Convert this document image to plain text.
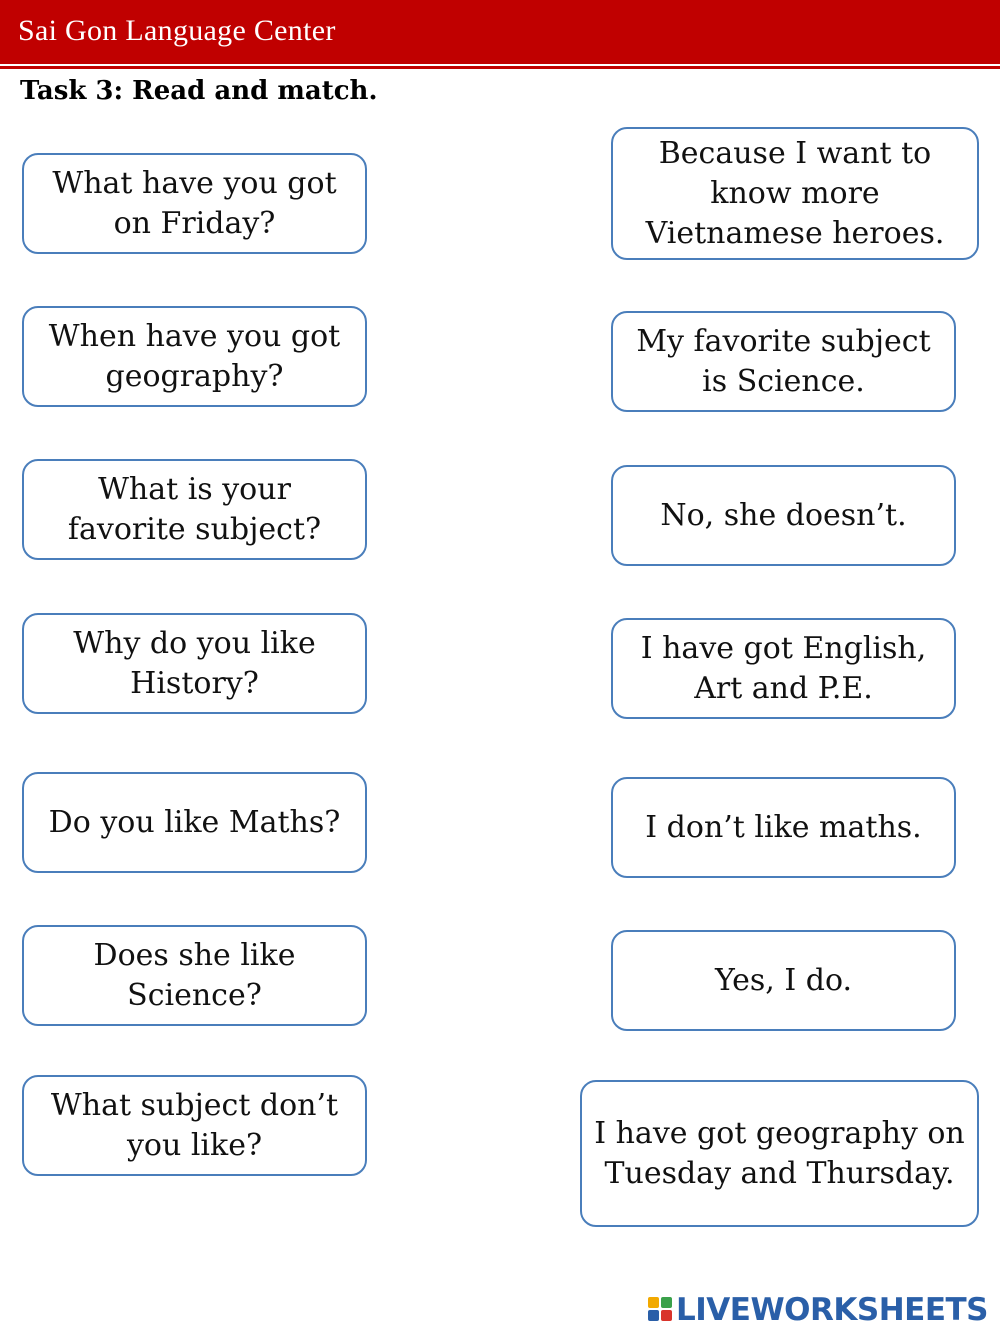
Sai Gon Language Center
Task 3: Read and match.
What have you got on Friday?
When have you got geography?
What is your favorite subject?
Why do you like History?
Do you like Maths?
Does she like Science?
What subject don’t you like?
Because I want to know more Vietnamese heroes.
My favorite subject is Science.
No, she doesn’t.
I have got English, Art and P.E.
I don’t like maths.
Yes, I do.
I have got geography on Tuesday and Thursday.
LIVEWORKSHEETS
